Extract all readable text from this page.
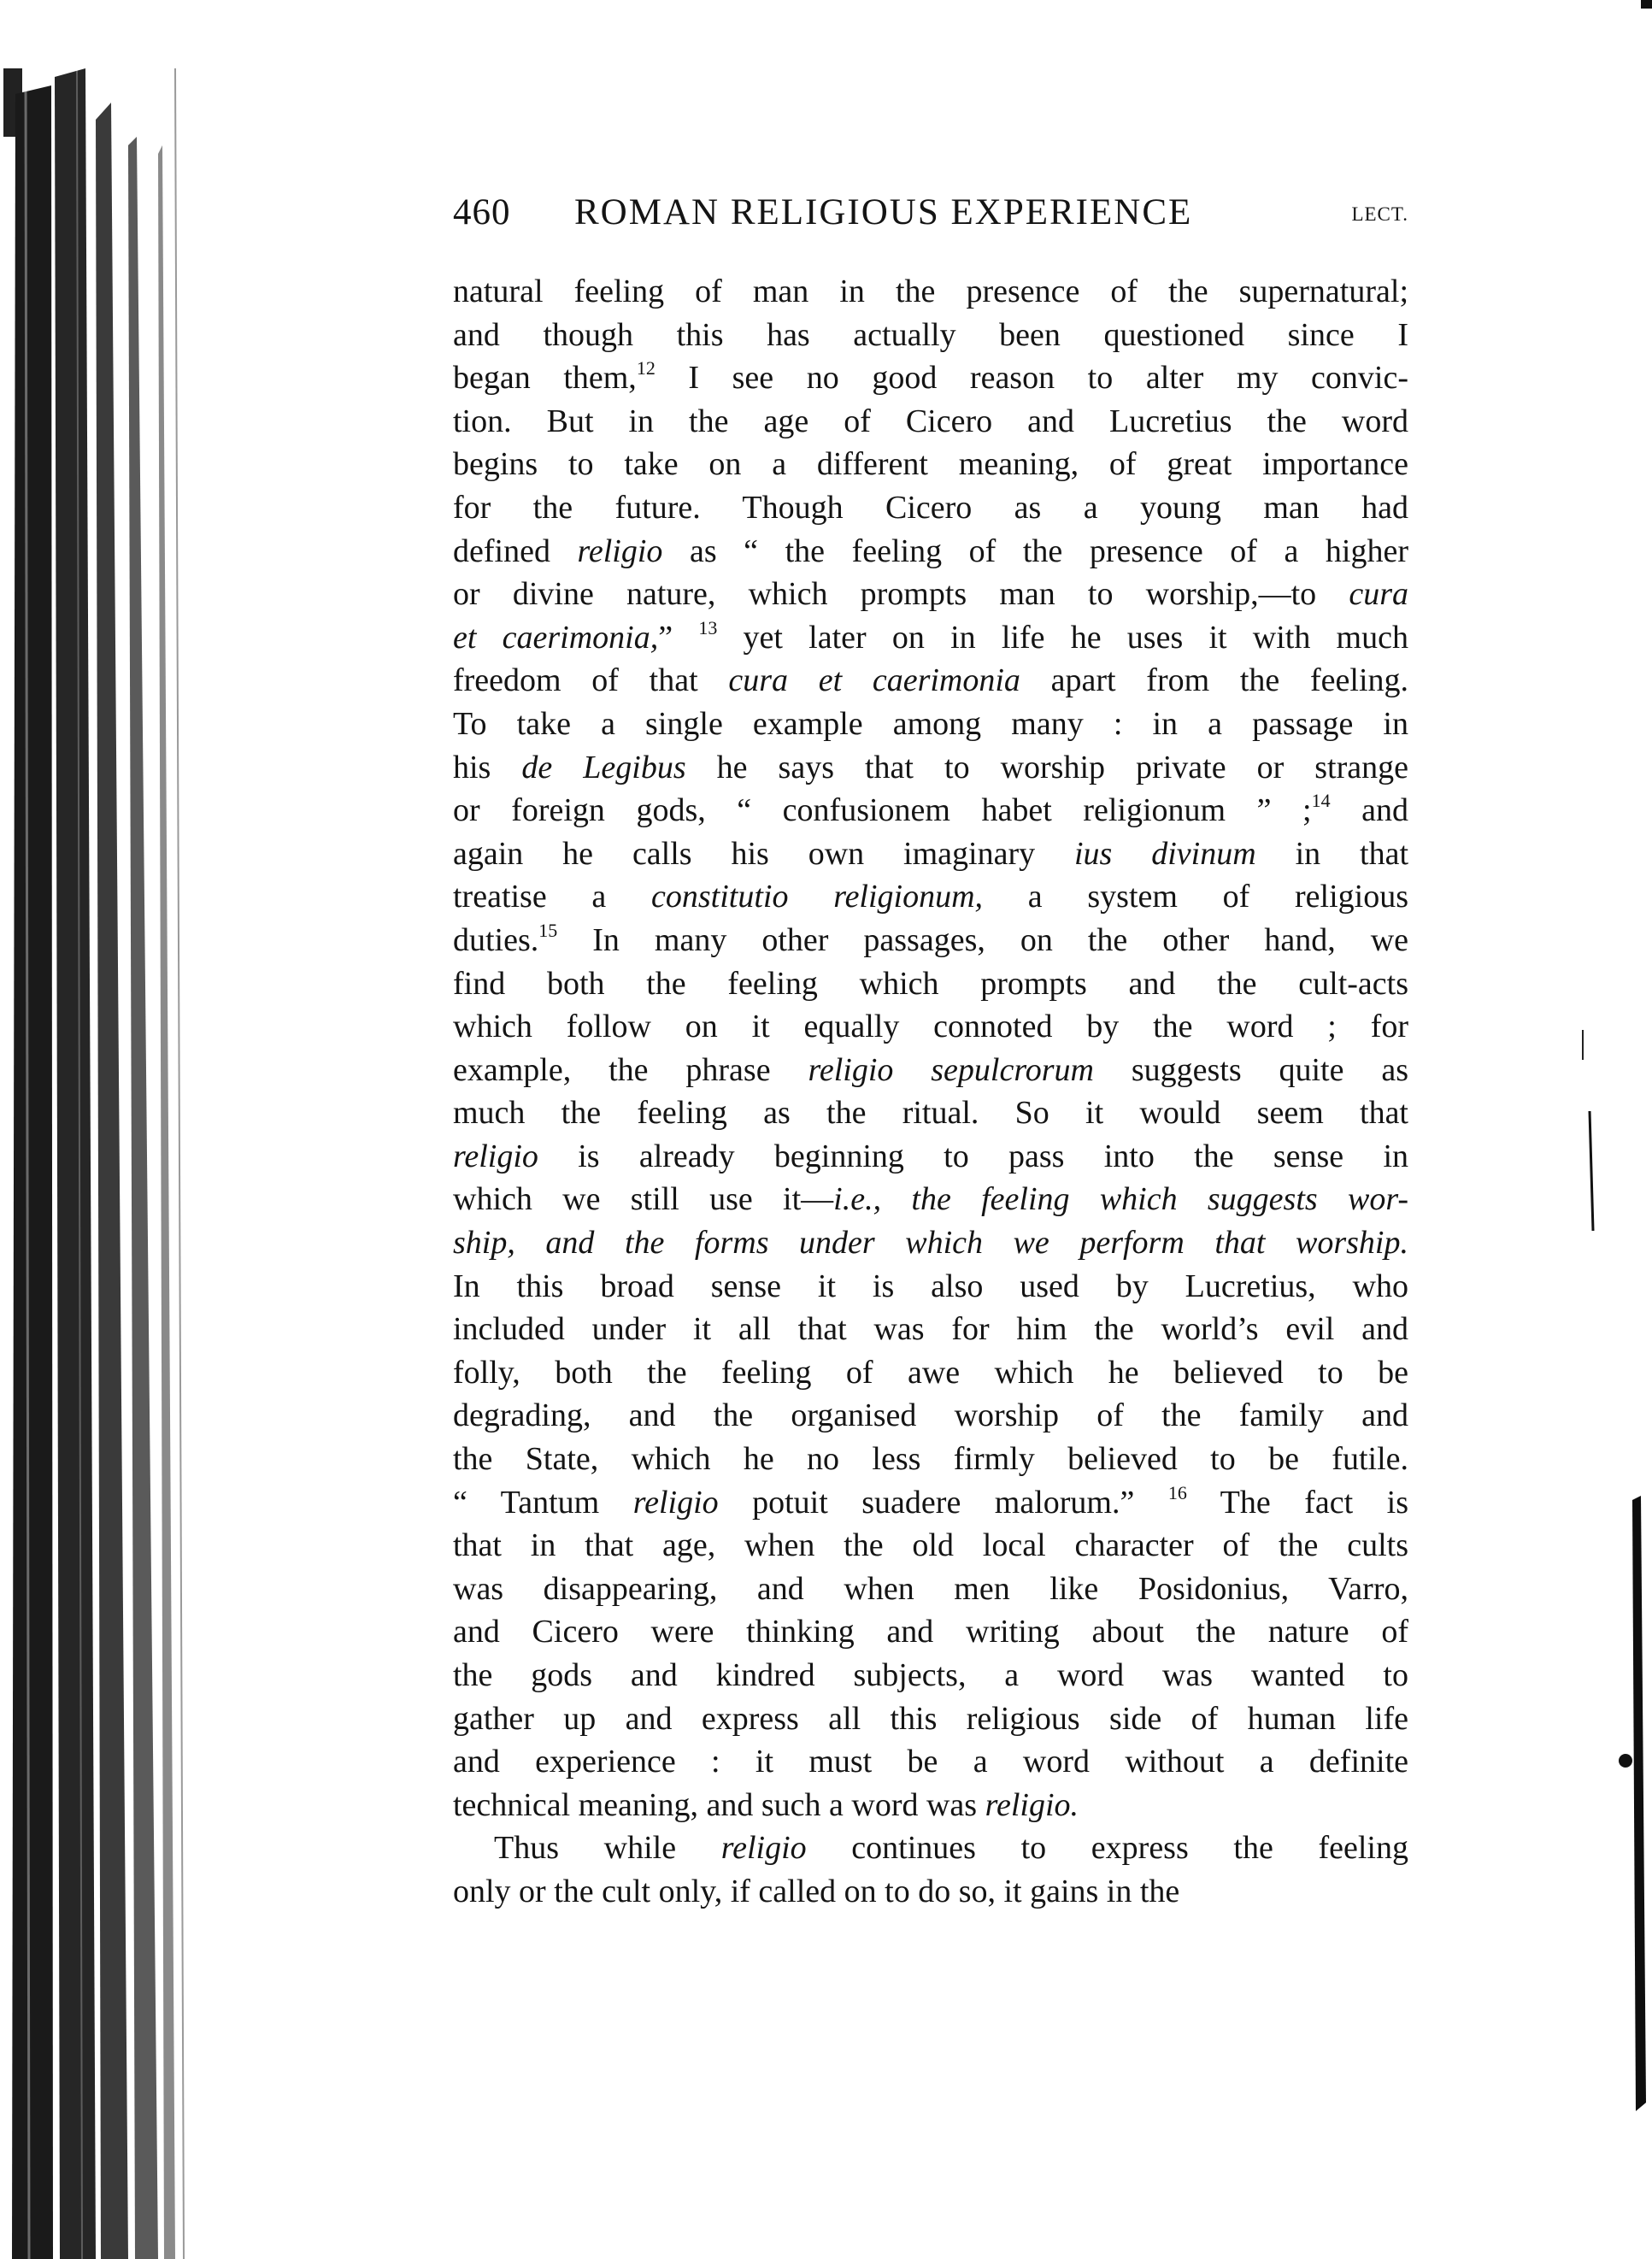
460 ROMAN RELIGIOUS EXPERIENCE	LECT.
natural feeling of man in the presence of the supernatural;
and though this has actually been questioned since I
began them,$^{12}$ I see no good reason to alter my convic-
tion. But in the age of Cicero and Lucretius the word
begins to take on a different meaning, of great importance
for the future. Though Cicero as a young man had
defined religio as “ the feeling of the presence of a higher
or divine nature, which prompts man to worship,—to cura
et caerimonia,” $^{13}$ yet later on in life he uses it with much
freedom of that cura et caerimonia apart from the feeling.
To take a single example among many : in a passage in
his de Legibus he says that to worship private or strange
or foreign gods, “ confusionem habet religionum ” ;$^{14}$ and
again he calls his own imaginary ius divinum in that
treatise a constitutio religionum, a system of religious
duties.$^{15}$ In many other passages, on the other hand, we
find both the feeling which prompts and the cult-acts
which follow on it equally connoted by the word ; for
example, the phrase religio sepulcrorum suggests quite as
much the feeling as the ritual. So it would seem that
religio is already beginning to pass into the sense in
which we still use it—i.e., the feeling which suggests wor-
ship, and the forms under which we perform that worship.
In this broad sense it is also used by Lucretius, who
included under it all that was for him the world’s evil and
folly, both the feeling of awe which he believed to be
degrading, and the organised worship of the family and
the State, which he no less firmly believed to be futile.
“ Tantum religio potuit suadere malorum.” $^{16}$ The fact is
that in that age, when the old local character of the cults
was disappearing, and when men like Posidonius, Varro,
and Cicero were thinking and writing about the nature of
the gods and kindred subjects, a word was wanted to
gather up and express all this religious side of human life
and experience : it must be a word without a definite
technical meaning, and such a word was religio.
Thus while religio continues to express the feeling
only or the cult only, if called on to do so, it gains in the
